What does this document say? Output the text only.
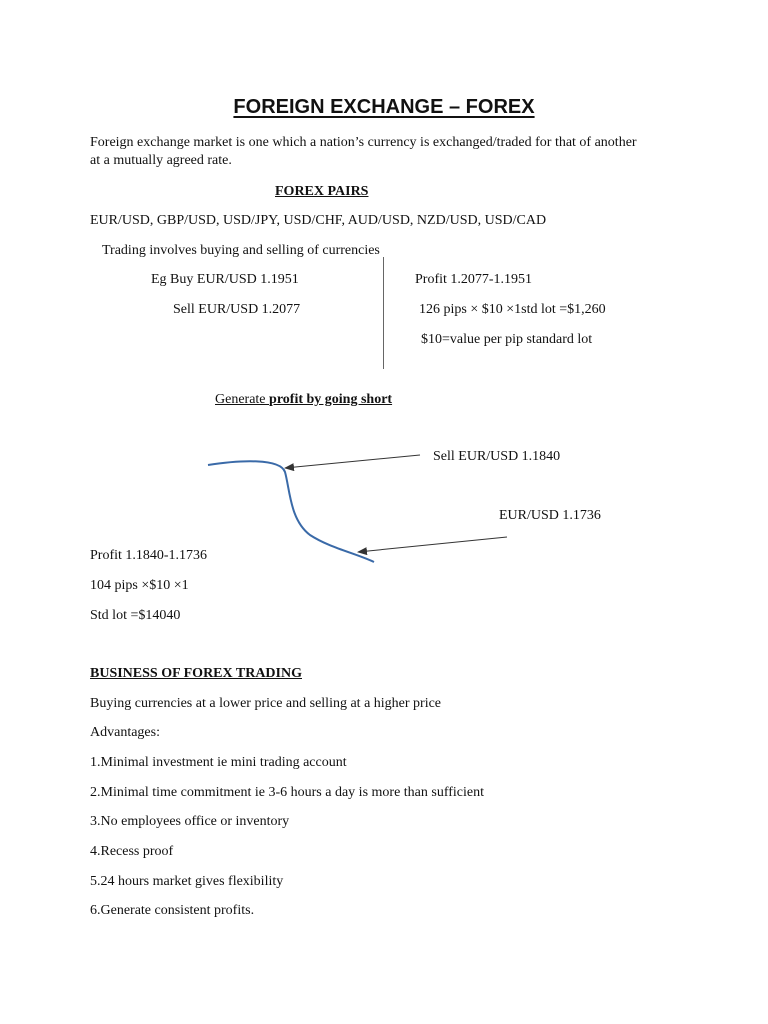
FOREIGN EXCHANGE – FOREX
Foreign exchange market is one which a nation’s currency is exchanged/traded for that of another at a mutually agreed rate.
FOREX PAIRS
EUR/USD, GBP/USD, USD/JPY, USD/CHF, AUD/USD, NZD/USD, USD/CAD
Trading involves buying and selling of currencies
Eg Buy EUR/USD 1.1951
Sell EUR/USD 1.2077
Profit 1.2077-1.1951
126 pips × $10 ×1std lot =$1,260
$10=value per pip standard lot
Generate profit by going short
Sell EUR/USD 1.1840
EUR/USD 1.1736
Profit 1.1840-1.1736
104 pips ×$10 ×1
Std lot =$14040
BUSINESS OF FOREX TRADING
Buying currencies at a lower price and selling at a higher price
Advantages:
1.Minimal investment ie mini trading account
2.Minimal time commitment ie 3-6 hours a day is more than sufficient
3.No employees office or inventory
4.Recess proof
5.24 hours market gives flexibility
6.Generate consistent profits.
